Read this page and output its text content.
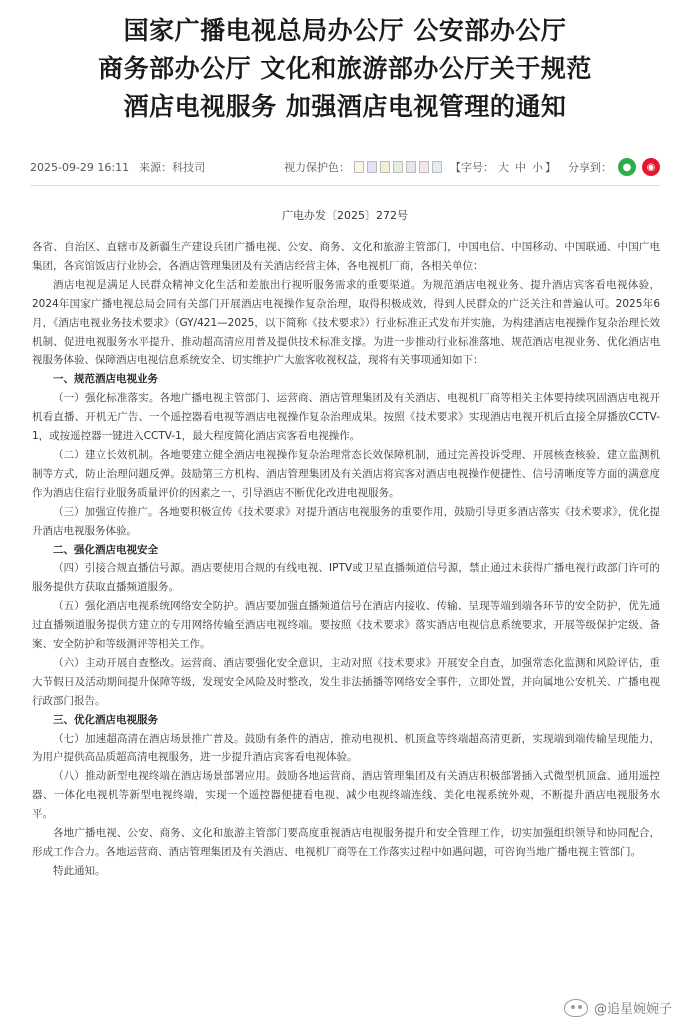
国家广播电视总局办公厅 公安部办公厅
商务部办公厅 文化和旅游部办公厅关于规范
酒店电视服务 加强酒店电视管理的通知
2025-09-29 16:11 来源：科技司	视力保护色：	【字号： 大 中 小 】 分享到：	●	◉
广电办发〔2025〕272号

各省、自治区、直辖市及新疆生产建设兵团广播电视、公安、商务、文化和旅游主管部门，中国电信、中国移动、中国联通、中国广电集团，各宾馆饭店行业协会，各酒店管理集团及有关酒店经营主体，各电视机厂商，各相关单位：

酒店电视是满足人民群众精神文化生活和差旅出行视听服务需求的重要渠道。为规范酒店电视业务、提升酒店宾客看电视体验，2024年国家广播电视总局会同有关部门开展酒店电视操作复杂治理，取得积极成效，得到人民群众的广泛关注和普遍认可。2025年6月，《酒店电视业务技术要求》（GY/421—2025，以下简称《技术要求》）行业标准正式发布并实施，为构建酒店电视操作复杂治理长效机制、促进电视服务水平提升、推动超高清应用普及提供技术标准支撑。为进一步推动行业标准落地、规范酒店电视业务、优化酒店电视服务体验、保障酒店电视信息系统安全、切实维护广大旅客收视权益，现将有关事项通知如下：

一、规范酒店电视业务

（一）强化标准落实。各地广播电视主管部门、运营商、酒店管理集团及有关酒店、电视机厂商等相关主体要持续巩固酒店电视开机看直播、开机无广告、一个遥控器看电视等酒店电视操作复杂治理成果。按照《技术要求》实现酒店电视开机后直接全屏播放CCTV-1，或按遥控器一键进入CCTV-1，最大程度简化酒店宾客看电视操作。

（二）建立长效机制。各地要建立健全酒店电视操作复杂治理常态长效保障机制，通过完善投诉受理、开展核查核验、建立监测机制等方式，防止治理问题反弹。鼓励第三方机构、酒店管理集团及有关酒店将宾客对酒店电视操作便捷性、信号清晰度等方面的满意度作为酒店住宿行业服务质量评价的因素之一，引导酒店不断优化改进电视服务。

（三）加强宣传推广。各地要积极宣传《技术要求》对提升酒店电视服务的重要作用，鼓励引导更多酒店落实《技术要求》，优化提升酒店电视服务体验。

二、强化酒店电视安全

（四）引接合规直播信号源。酒店要使用合规的有线电视、IPTV或卫星直播频道信号源，禁止通过未获得广播电视行政部门许可的服务提供方获取直播频道服务。

（五）强化酒店电视系统网络安全防护。酒店要加强直播频道信号在酒店内接收、传输、呈现等端到端各环节的安全防护，优先通过直播频道服务提供方建立的专用网络传输至酒店电视终端。要按照《技术要求》落实酒店电视信息系统要求，开展等级保护定级、备案、安全防护和等级测评等相关工作。

（六）主动开展自查整改。运营商、酒店要强化安全意识，主动对照《技术要求》开展安全自查，加强常态化监测和风险评估，重大节假日及活动期间提升保障等级，发现安全风险及时整改，发生非法插播等网络安全事件，立即处置，并向属地公安机关、广播电视行政部门报告。

三、优化酒店电视服务

（七）加速超高清在酒店场景推广普及。鼓励有条件的酒店，推动电视机、机顶盒等终端超高清更新，实现端到端传输呈现能力，为用户提供高品质超高清电视服务，进一步提升酒店宾客看电视体验。

（八）推动新型电视终端在酒店场景部署应用。鼓励各地运营商、酒店管理集团及有关酒店积极部署插入式微型机顶盒、通用遥控器、一体化电视机等新型电视终端，实现一个遥控器便捷看电视、减少电视终端连线、美化电视系统外观，不断提升酒店电视服务水平。

各地广播电视、公安、商务、文化和旅游主管部门要高度重视酒店电视服务提升和安全管理工作，切实加强组织领导和协同配合，形成工作合力。各地运营商、酒店管理集团及有关酒店、电视机厂商等在工作落实过程中如遇问题，可咨询当地广播电视主管部门。

特此通知。

@追星婉婉子
